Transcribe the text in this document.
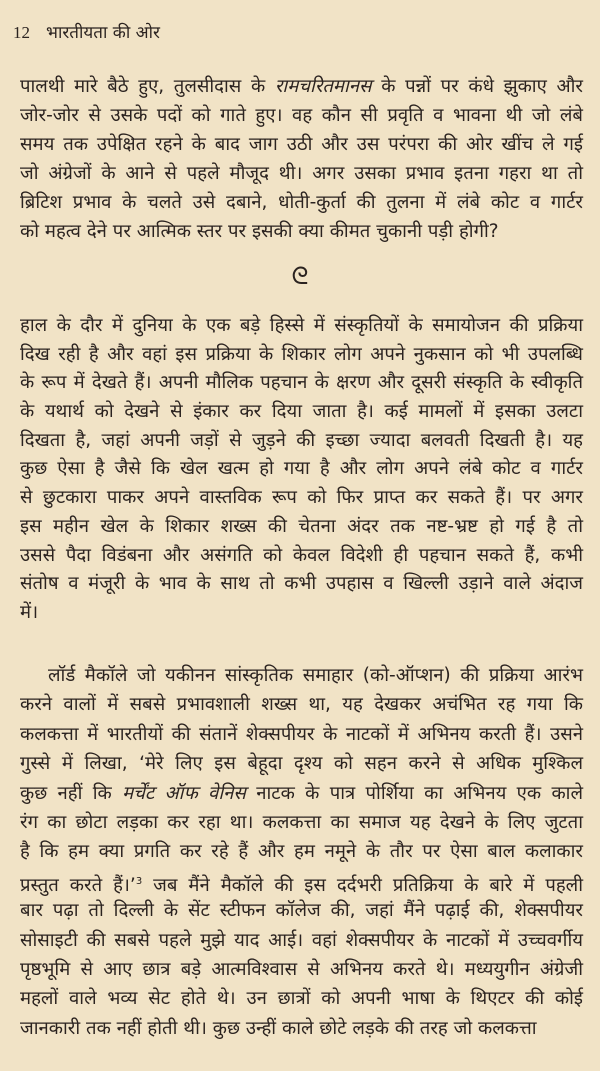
12 भारतीयता की ओर
पालथी मारे बैठे हुए, तुलसीदास के रामचरितमानस के पन्नों पर कंधे झुकाए और
जोर-जोर से उसके पदों को गाते हुए। वह कौन सी प्रवृति व भावना थी जो लंबे
समय तक उपेक्षित रहने के बाद जाग उठी और उस परंपरा की ओर खींच ले गई
जो अंग्रेजों के आने से पहले मौजूद थी। अगर उसका प्रभाव इतना गहरा था तो
ब्रिटिश प्रभाव के चलते उसे दबाने, धोती-कुर्ता की तुलना में लंबे कोट व गार्टर
को महत्व देने पर आत्मिक स्तर पर इसकी क्या कीमत चुकानी पड़ी होगी?
ᘓ
हाल के दौर में दुनिया के एक बड़े हिस्से में संस्कृतियों के समायोजन की प्रक्रिया
दिख रही है और वहां इस प्रक्रिया के शिकार लोग अपने नुकसान को भी उपलब्धि
के रूप में देखते हैं। अपनी मौलिक पहचान के क्षरण और दूसरी संस्कृति के स्वीकृति
के यथार्थ को देखने से इंकार कर दिया जाता है। कई मामलों में इसका उलटा
दिखता है, जहां अपनी जड़ों से जुड़ने की इच्छा ज्यादा बलवती दिखती है। यह
कुछ ऐसा है जैसे कि खेल खत्म हो गया है और लोग अपने लंबे कोट व गार्टर
से छुटकारा पाकर अपने वास्तविक रूप को फिर प्राप्त कर सकते हैं। पर अगर
इस महीन खेल के शिकार शख्स की चेतना अंदर तक नष्ट-भ्रष्ट हो गई है तो
उससे पैदा विडंबना और असंगति को केवल विदेशी ही पहचान सकते हैं, कभी
संतोष व मंजूरी के भाव के साथ तो कभी उपहास व खिल्ली उड़ाने वाले अंदाज
में।
लॉर्ड मैकॉले जो यकीनन सांस्कृतिक समाहार (को-ऑप्शन) की प्रक्रिया आरंभ
करने वालों में सबसे प्रभावशाली शख्स था, यह देखकर अचंभित रह गया कि
कलकत्ता में भारतीयों की संतानें शेक्सपीयर के नाटकों में अभिनय करती हैं। उसने
गुस्से में लिखा, ‘मेरे लिए इस बेहूदा दृश्य को सहन करने से अधिक मुश्किल
कुछ नहीं कि मर्चेंट ऑफ वेनिस नाटक के पात्र पोर्शिया का अभिनय एक काले
रंग का छोटा लड़का कर रहा था। कलकत्ता का समाज यह देखने के लिए जुटता
है कि हम क्या प्रगति कर रहे हैं और हम नमूने के तौर पर ऐसा बाल कलाकार
प्रस्तुत करते हैं।’$^3$ जब मैंने मैकॉले की इस दर्दभरी प्रतिक्रिया के बारे में पहली
बार पढ़ा तो दिल्ली के सेंट स्टीफन कॉलेज की, जहां मैंने पढ़ाई की, शेक्सपीयर
सोसाइटी की सबसे पहले मुझे याद आई। वहां शेक्सपीयर के नाटकों में उच्चवर्गीय
पृष्ठभूमि से आए छात्र बड़े आत्मविश्वास से अभिनय करते थे। मध्ययुगीन अंग्रेजी
महलों वाले भव्य सेट होते थे। उन छात्रों को अपनी भाषा के थिएटर की कोई
जानकारी तक नहीं होती थी। कुछ उन्हीं काले छोटे लड़के की तरह जो कलकत्ता
